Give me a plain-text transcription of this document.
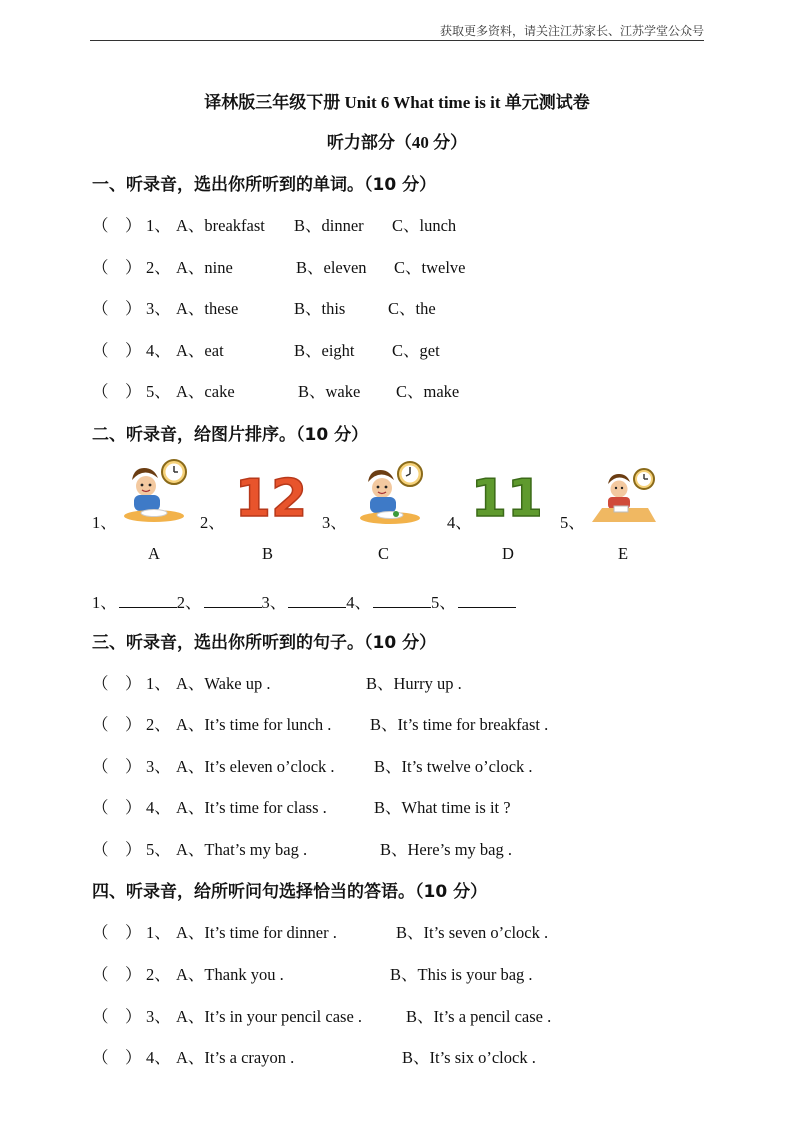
获取更多资料，请关注江苏家长、江苏学堂公众号
译林版三年级下册 Unit 6 What time is it 单元测试卷
听力部分（40 分）
一、听录音，选出你所听到的单词。（10 分）
（　） 1、 A、breakfast B、dinner C、lunch
（　） 2、 A、nine	B、eleven C、twelve
（　） 3、 A、these	B、this	C、the
（　） 4、 A、eat	B、eight C、get
（　） 5、 A、cake	B、wake C、make
二、听录音，给图片排序。（10 分）
1、
A
2、 12
B
3、
C
4、 11
D
5、
E
1、	2、	3、	4、	5、
三、听录音，选出你所听到的句子。（10 分）
（　） 1、 A、Wake up .	B、Hurry up .
（　） 2、 A、It’s time for lunch . B、It’s time for breakfast .
（　） 3、 A、It’s eleven o’clock . B、It’s twelve o’clock .
（　） 4、 A、It’s time for class .	B、What time is it ?
（　） 5、 A、That’s my bag .	B、Here’s my bag .
四、听录音，给所听问句选择恰当的答语。（10 分）
（　） 1、 A、It’s time for dinner .	B、It’s seven o’clock .
（　） 2、 A、Thank you .	B、This is your bag .
（　） 3、 A、It’s in your pencil case .	B、It’s a pencil case .
（　） 4、 A、It’s a crayon .	B、It’s six o’clock .
